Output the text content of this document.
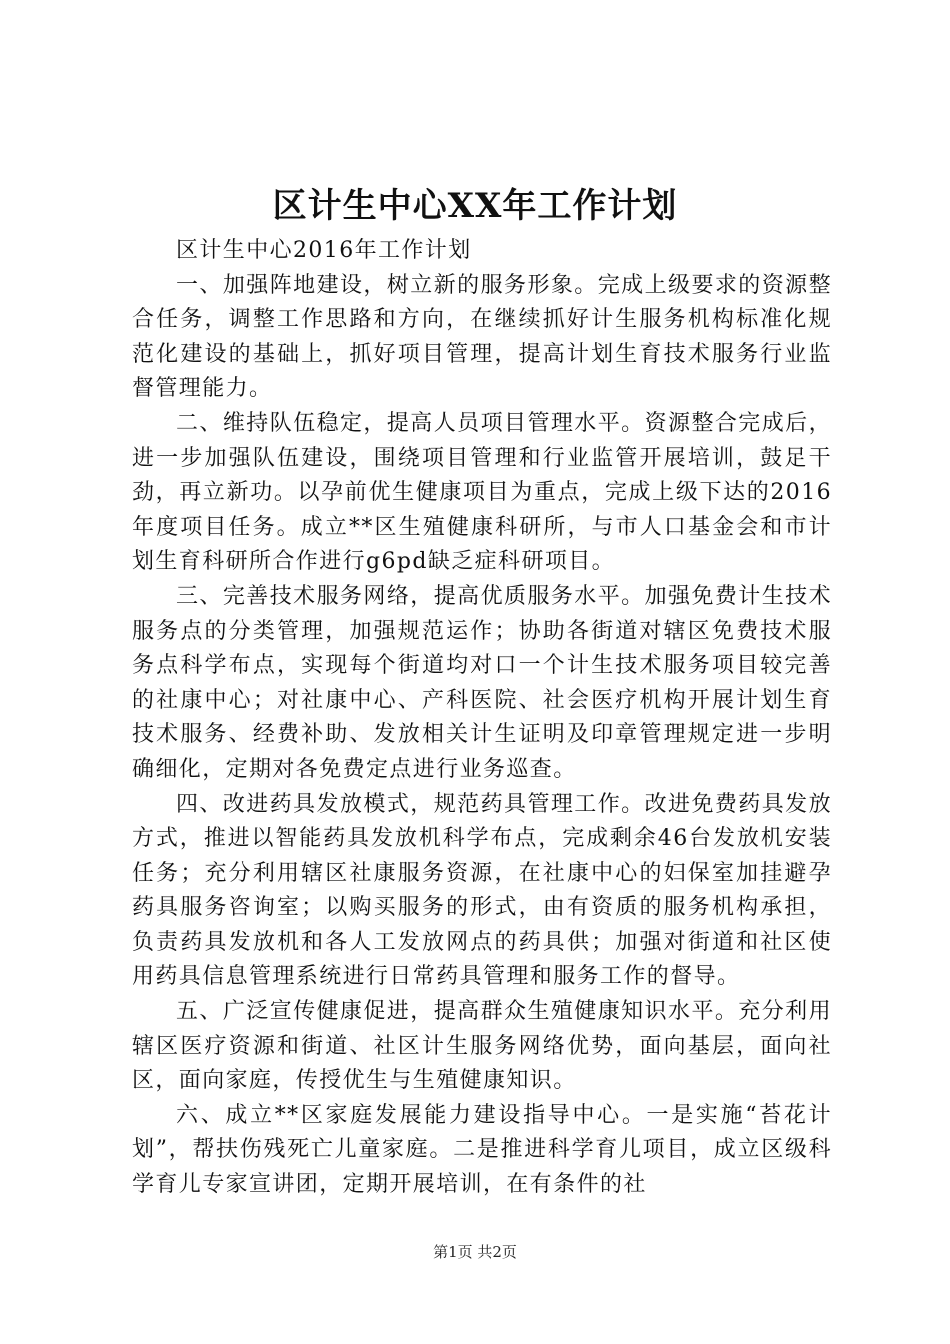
区计生中心XX年工作计划

区计生中心2016年工作计划

一、加强阵地建设，树立新的服务形象。完成上级要求的资源整合任务，调整工作思路和方向，在继续抓好计生服务机构标准化规范化建设的基础上，抓好项目管理，提高计划生育技术服务行业监督管理能力。

二、维持队伍稳定，提高人员项目管理水平。资源整合完成后，进一步加强队伍建设，围绕项目管理和行业监管开展培训，鼓足干劲，再立新功。以孕前优生健康项目为重点，完成上级下达的2016年度项目任务。成立**区生殖健康科研所，与市人口基金会和市计划生育科研所合作进行g6pd缺乏症科研项目。

三、完善技术服务网络，提高优质服务水平。加强免费计生技术服务点的分类管理，加强规范运作；协助各街道对辖区免费技术服务点科学布点，实现每个街道均对口一个计生技术服务项目较完善的社康中心；对社康中心、产科医院、社会医疗机构开展计划生育技术服务、经费补助、发放相关计生证明及印章管理规定进一步明确细化，定期对各免费定点进行业务巡查。

四、改进药具发放模式，规范药具管理工作。改进免费药具发放方式，推进以智能药具发放机科学布点，完成剩余46台发放机安装任务；充分利用辖区社康服务资源，在社康中心的妇保室加挂避孕药具服务咨询室；以购买服务的形式，由有资质的服务机构承担，负责药具发放机和各人工发放网点的药具供；加强对街道和社区使用药具信息管理系统进行日常药具管理和服务工作的督导。

五、广泛宣传健康促进，提高群众生殖健康知识水平。充分利用辖区医疗资源和街道、社区计生服务网络优势，面向基层，面向社区，面向家庭，传授优生与生殖健康知识。

六、成立**区家庭发展能力建设指导中心。一是实施“苔花计划”，帮扶伤残死亡儿童家庭。二是推进科学育儿项目，成立区级科学育儿专家宣讲团，定期开展培训，在有条件的社

第1页 共2页
